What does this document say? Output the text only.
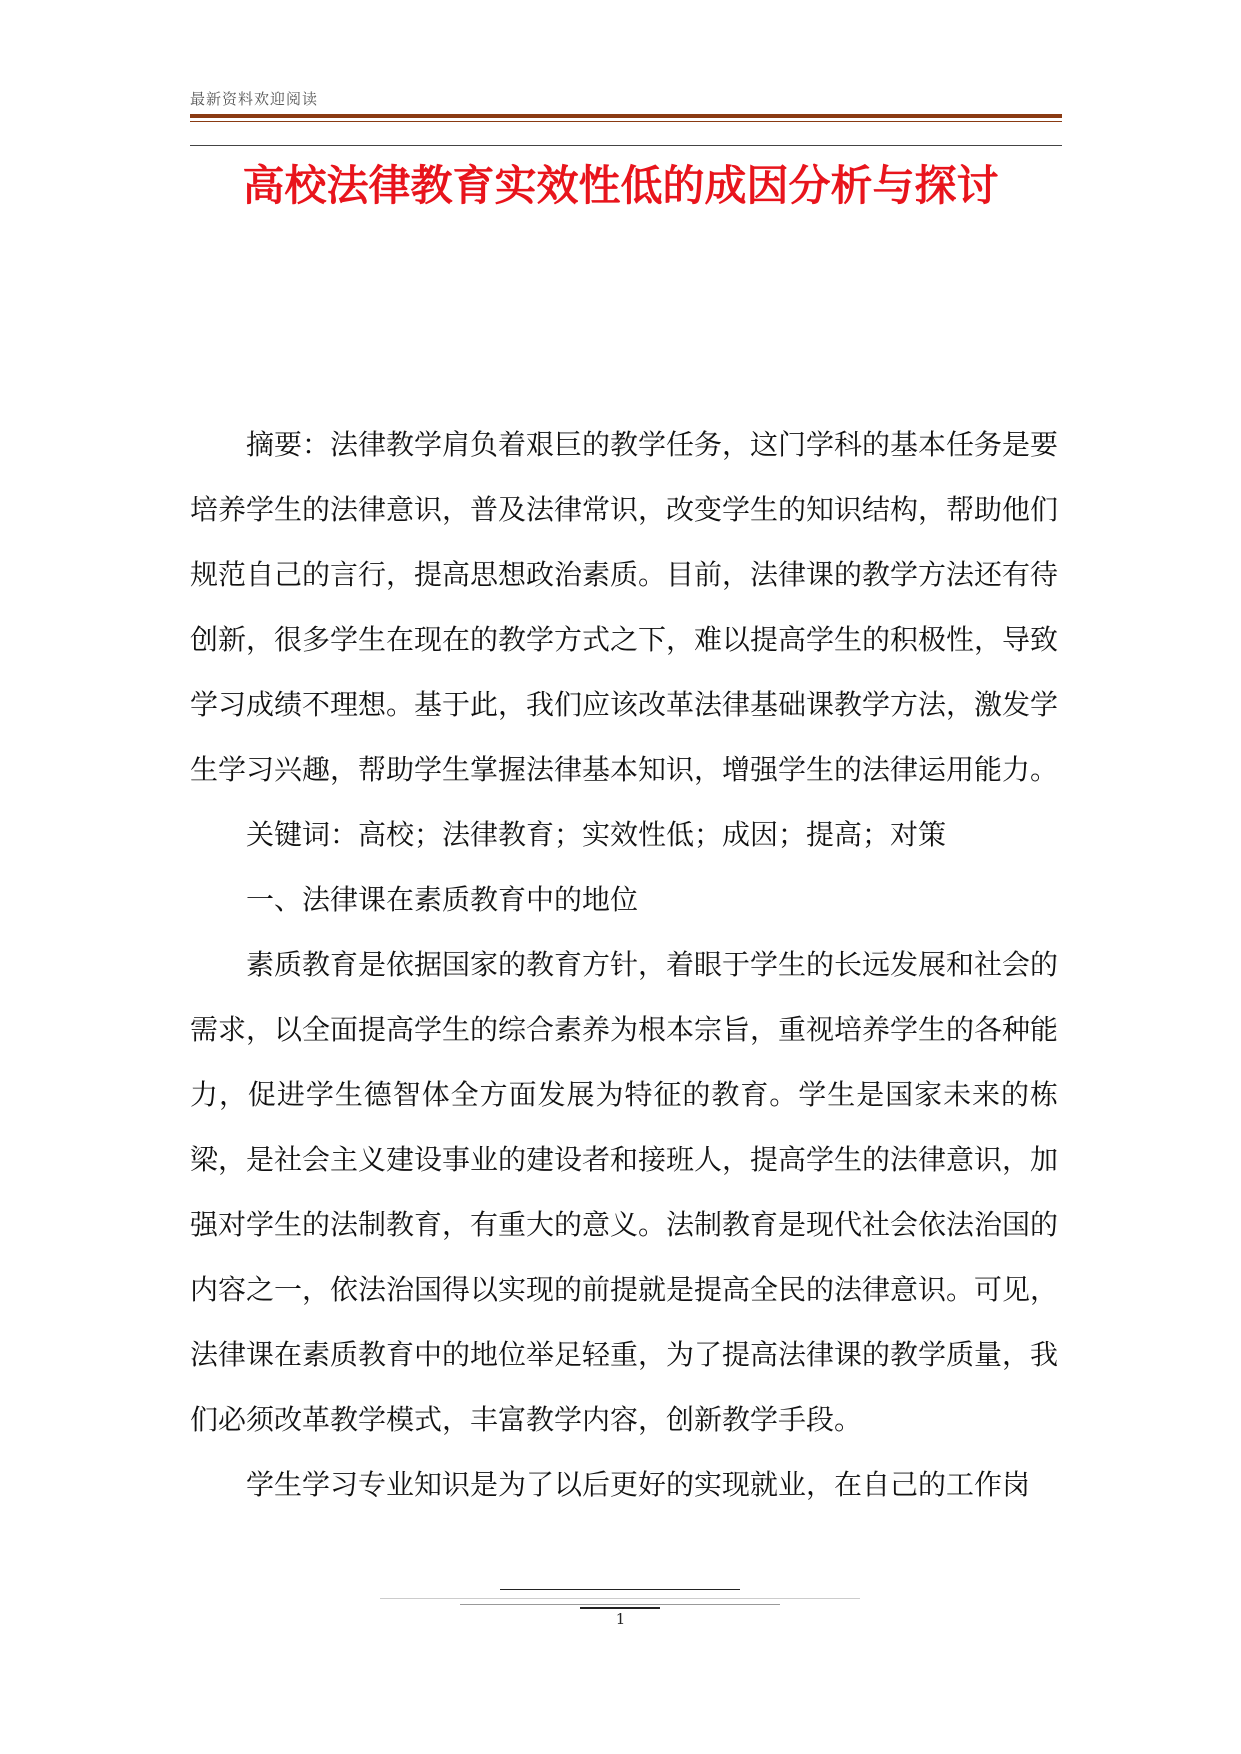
最新资料欢迎阅读
高校法律教育实效性低的成因分析与探讨

摘要：法律教学肩负着艰巨的教学任务，这门学科的基本任务是要培养学生的法律意识，普及法律常识，改变学生的知识结构，帮助他们规范自己的言行，提高思想政治素质。目前，法律课的教学方法还有待创新，很多学生在现在的教学方式之下，难以提高学生的积极性，导致学习成绩不理想。基于此，我们应该改革法律基础课教学方法，激发学生学习兴趣，帮助学生掌握法律基本知识，增强学生的法律运用能力。

关键词：高校；法律教育；实效性低；成因；提高；对策

一、法律课在素质教育中的地位

素质教育是依据国家的教育方针，着眼于学生的长远发展和社会的需求，以全面提高学生的综合素养为根本宗旨，重视培养学生的各种能力，促进学生德智体全方面发展为特征的教育。学生是国家未来的栋梁，是社会主义建设事业的建设者和接班人，提高学生的法律意识，加强对学生的法制教育，有重大的意义。法制教育是现代社会依法治国的内容之一，依法治国得以实现的前提就是提高全民的法律意识。可见，法律课在素质教育中的地位举足轻重，为了提高法律课的教学质量，我们必须改革教学模式，丰富教学内容，创新教学手段。

学生学习专业知识是为了以后更好的实现就业，在自己的工作岗

1
